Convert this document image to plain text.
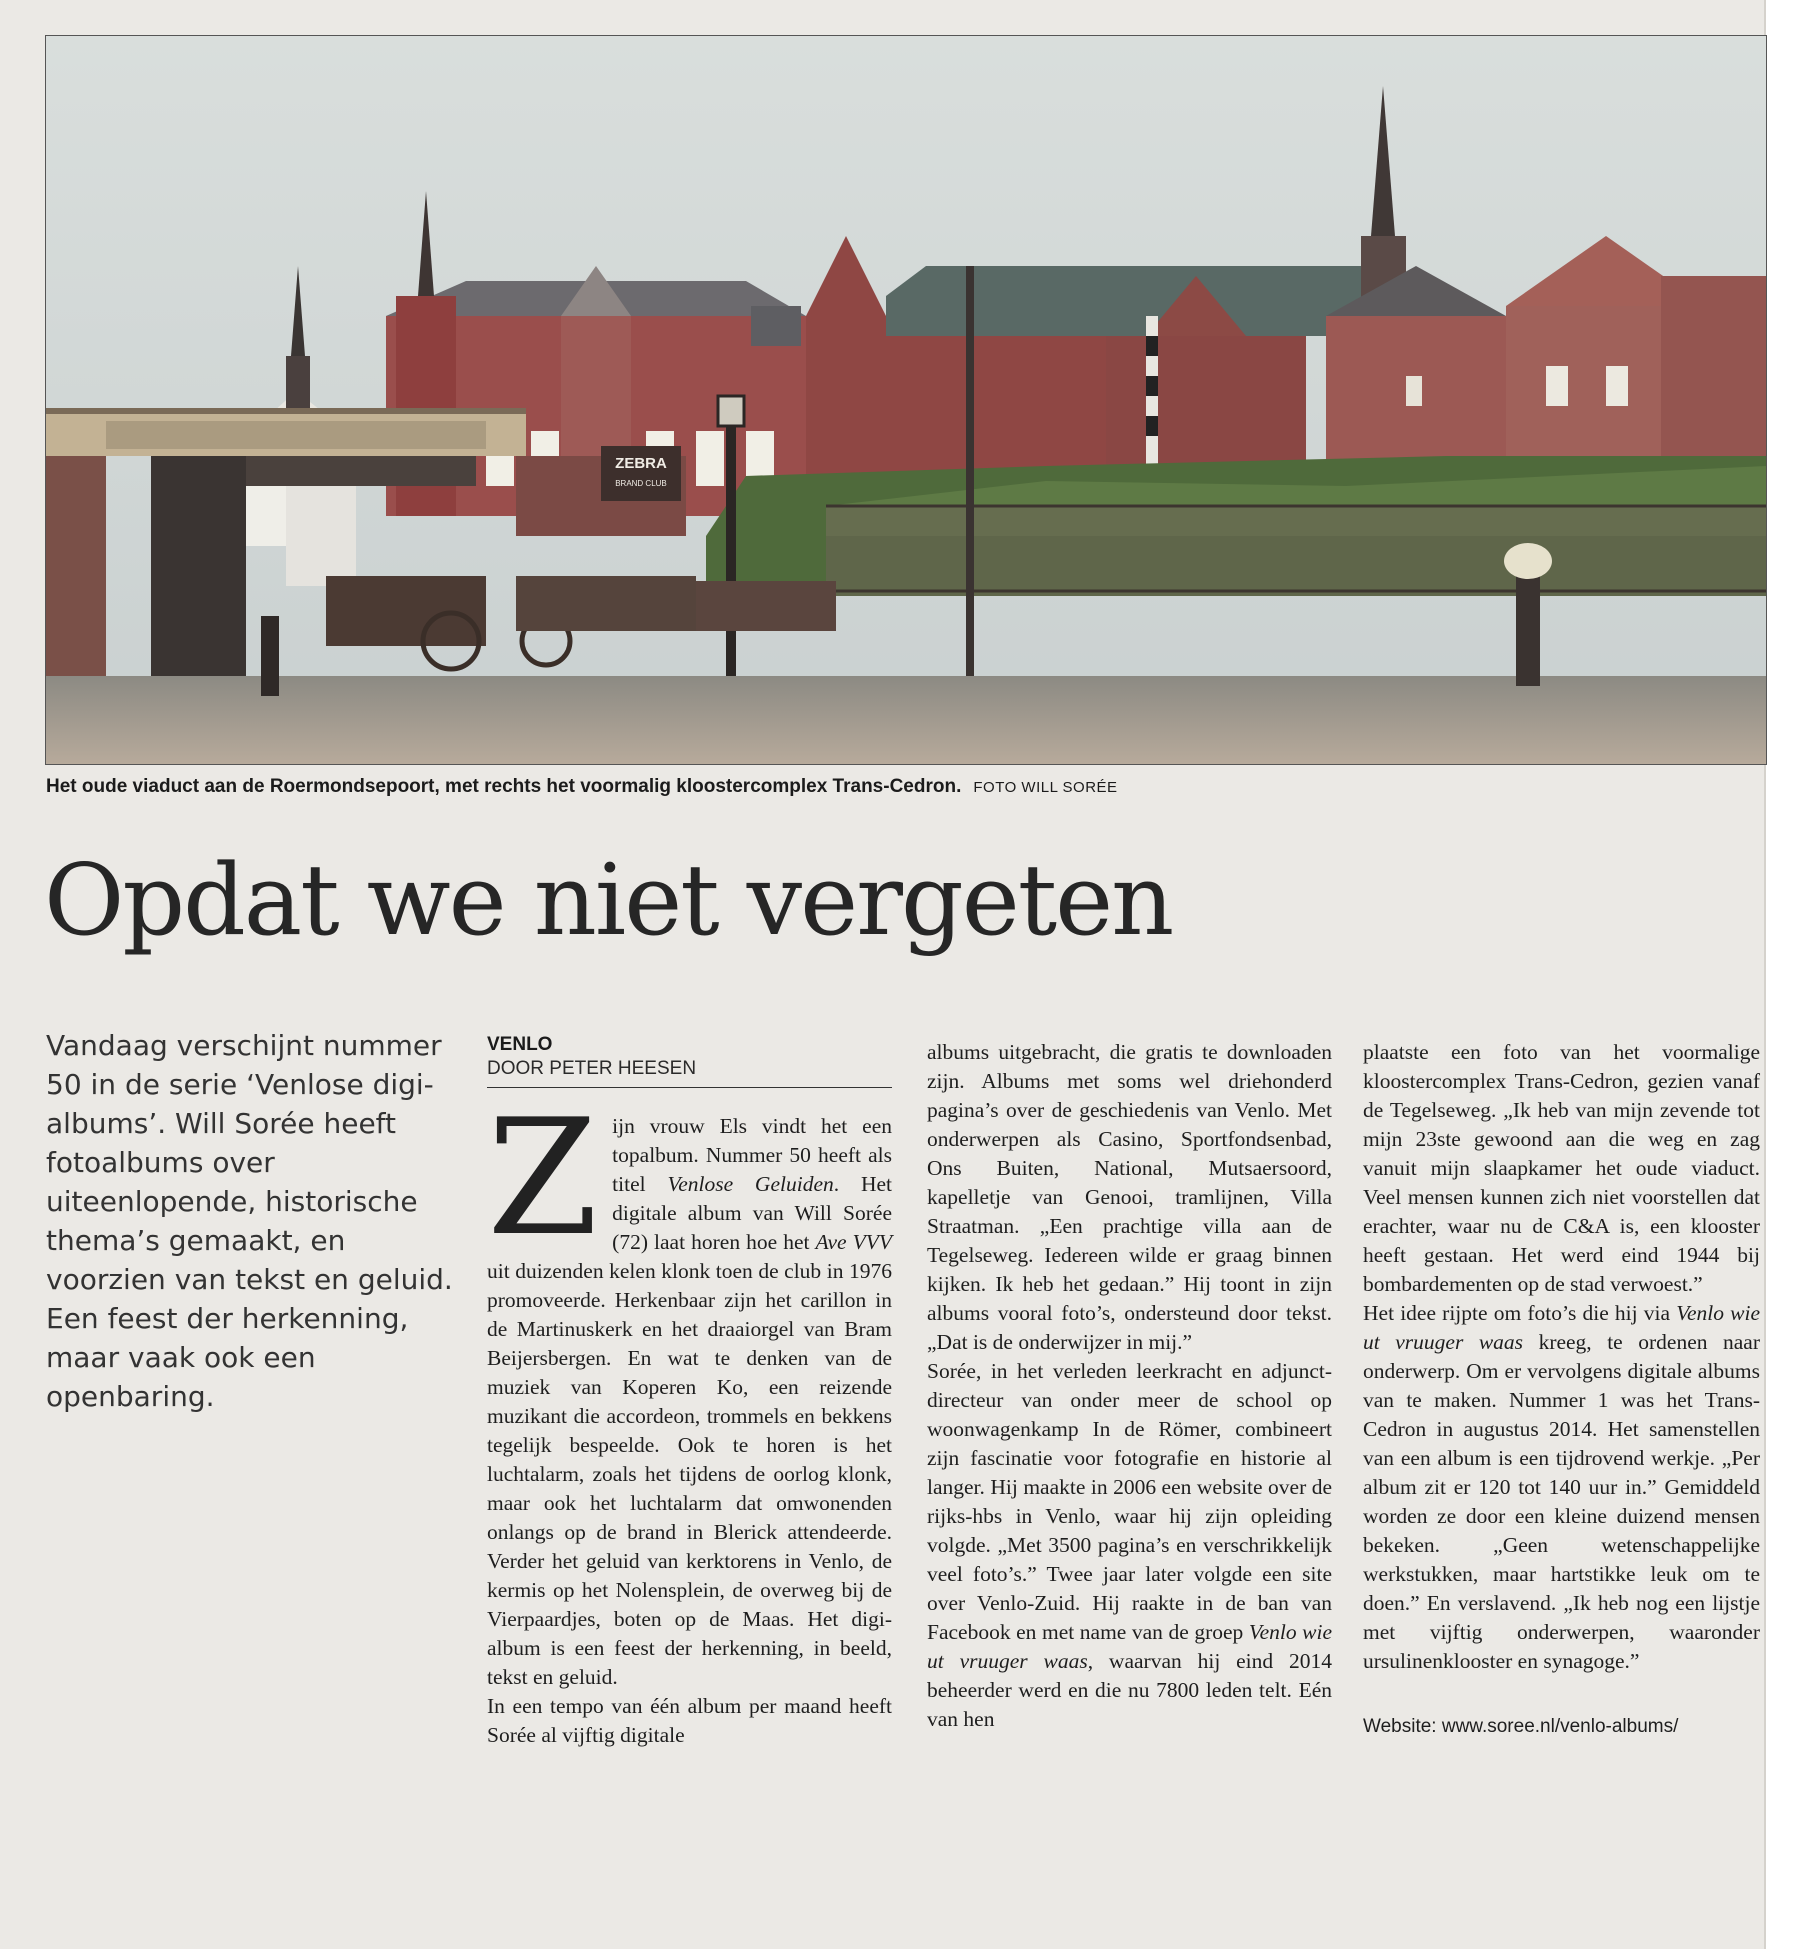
ZEBRA
BRAND CLUB
Het oude viaduct aan de Roermondsepoort, met rechts het voormalig kloostercomplex Trans-Cedron. FOTO WILL SORÉE
Opdat we niet vergeten

Vandaag verschijnt nummer 50 in de serie ‘Venlose digi-albums’. Will Sorée heeft fotoalbums over uiteenlopende, historische thema’s gemaakt, en voorzien van tekst en geluid. Een feest der herkenning, maar vaak ook een openbaring.

VENLO
DOOR PETER HEESEN

Zijn vrouw Els vindt het een topalbum. Nummer 50 heeft als titel Venlose Geluiden. Het digitale album van Will Sorée (72) laat horen hoe het Ave VVV uit duizenden kelen klonk toen de club in 1976 promoveerde. Herkenbaar zijn het carillon in de Martinuskerk en het draaiorgel van Bram Beijersbergen. En wat te denken van de muziek van Koperen Ko, een reizende muzikant die accordeon, trommels en bekkens tegelijk bespeelde. Ook te horen is het luchtalarm, zoals het tijdens de oorlog klonk, maar ook het luchtalarm dat omwonenden onlangs op de brand in Blerick attendeerde. Verder het geluid van kerktorens in Venlo, de kermis op het Nolensplein, de overweg bij de Vierpaardjes, boten op de Maas. Het digi-album is een feest der herkenning, in beeld, tekst en geluid.

In een tempo van één album per maand heeft Sorée al vijftig digitale

albums uitgebracht, die gratis te downloaden zijn. Albums met soms wel driehonderd pagina’s over de geschiedenis van Venlo. Met onderwerpen als Casino, Sportfondsenbad, Ons Buiten, National, Mutsaersoord, kapelletje van Genooi, tramlijnen, Villa Straatman. „Een prachtige villa aan de Tegelseweg. Iedereen wilde er graag binnen kijken. Ik heb het gedaan.” Hij toont in zijn albums vooral foto’s, ondersteund door tekst. „Dat is de onderwijzer in mij.”

Sorée, in het verleden leerkracht en adjunct-directeur van onder meer de school op woonwagenkamp In de Römer, combineert zijn fascinatie voor fotografie en historie al langer. Hij maakte in 2006 een website over de rijks-hbs in Venlo, waar hij zijn opleiding volgde. „Met 3500 pagina’s en verschrikkelijk veel foto’s.” Twee jaar later volgde een site over Venlo-Zuid. Hij raakte in de ban van Facebook en met name van de groep Venlo wie ut vruuger waas, waarvan hij eind 2014 beheerder werd en die nu 7800 leden telt. Eén van hen

plaatste een foto van het voormalige kloostercomplex Trans-Cedron, gezien vanaf de Tegelseweg. „Ik heb van mijn zevende tot mijn 23ste gewoond aan die weg en zag vanuit mijn slaapkamer het oude viaduct. Veel mensen kunnen zich niet voorstellen dat erachter, waar nu de C&A is, een klooster heeft gestaan. Het werd eind 1944 bij bombardementen op de stad verwoest.”

Het idee rijpte om foto’s die hij via Venlo wie ut vruuger waas kreeg, te ordenen naar onderwerp. Om er vervolgens digitale albums van te maken. Nummer 1 was het Trans-Cedron in augustus 2014. Het samenstellen van een album is een tijdrovend werkje. „Per album zit er 120 tot 140 uur in.” Gemiddeld worden ze door een kleine duizend mensen bekeken. „Geen wetenschappelijke werkstukken, maar hartstikke leuk om te doen.” En verslavend. „Ik heb nog een lijstje met vijftig onderwerpen, waaronder ursulinenklooster en synagoge.”

Website: www.soree.nl/venlo-albums/
